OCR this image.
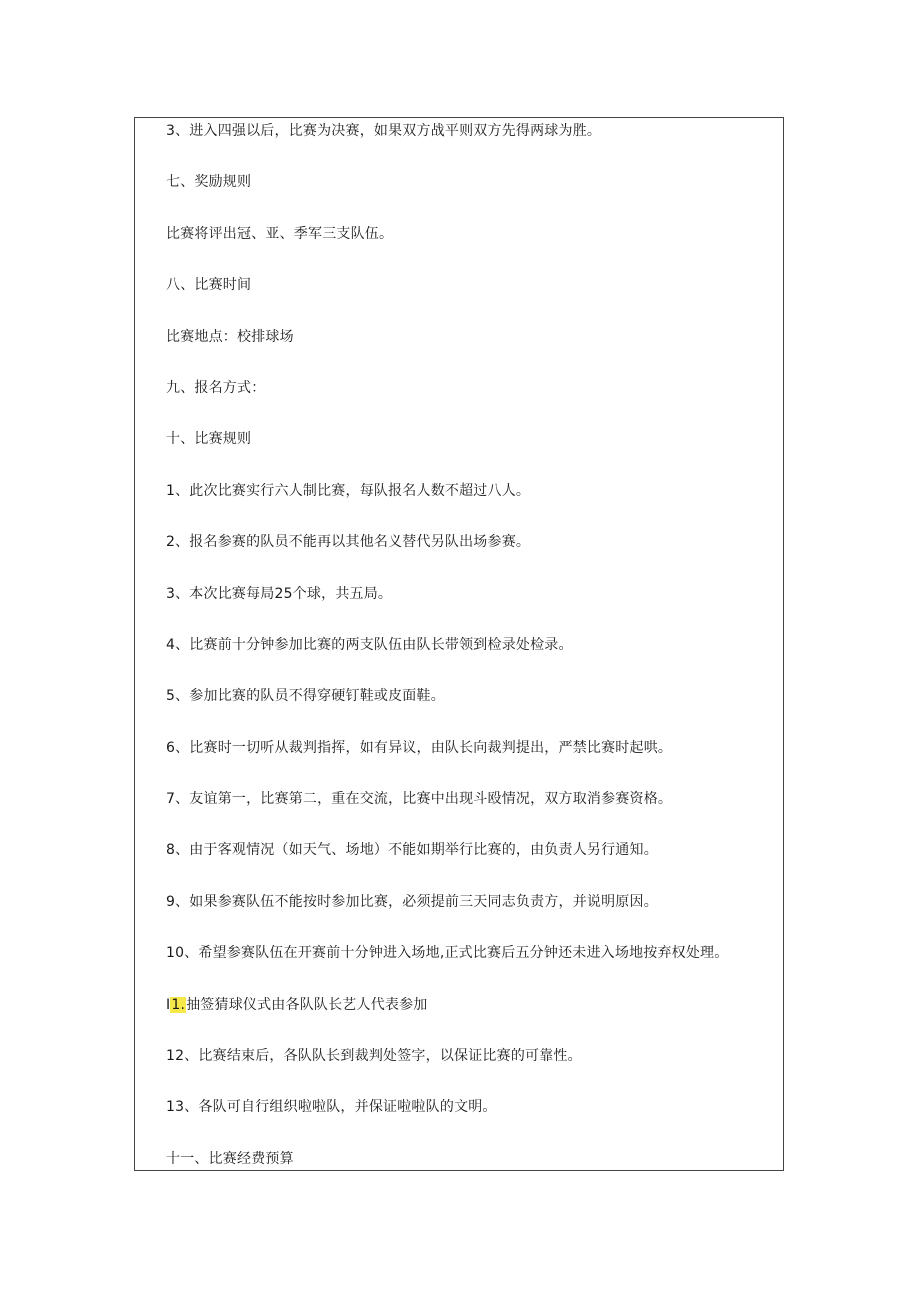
3、进入四强以后，比赛为决赛，如果双方战平则双方先得两球为胜。
七、奖励规则
比赛将评出冠、亚、季军三支队伍。
八、比赛时间
比赛地点：校排球场
九、报名方式：
十、比赛规则
1、此次比赛实行六人制比赛，每队报名人数不超过八人。
2、报名参赛的队员不能再以其他名义替代另队出场参赛。
3、本次比赛每局25个球，共五局。
4、比赛前十分钟参加比赛的两支队伍由队长带领到检录处检录。
5、参加比赛的队员不得穿硬钉鞋或皮面鞋。
6、比赛时一切听从裁判指挥，如有异议，由队长向裁判提出，严禁比赛时起哄。
7、友谊第一，比赛第二，重在交流，比赛中出现斗殴情况，双方取消参赛资格。
8、由于客观情况（如天气、场地）不能如期举行比赛的，由负责人另行通知。
9、如果参赛队伍不能按时参加比赛，必须提前三天同志负责方，并说明原因。
10、希望参赛队伍在开赛前十分钟进入场地,正式比赛后五分钟还未进入场地按弃权处理。
I1.抽签猜球仪式由各队队长艺人代表参加
12、比赛结束后，各队队长到裁判处签字，以保证比赛的可靠性。
13、各队可自行组织啦啦队，并保证啦啦队的文明。
十一、比赛经费预算
